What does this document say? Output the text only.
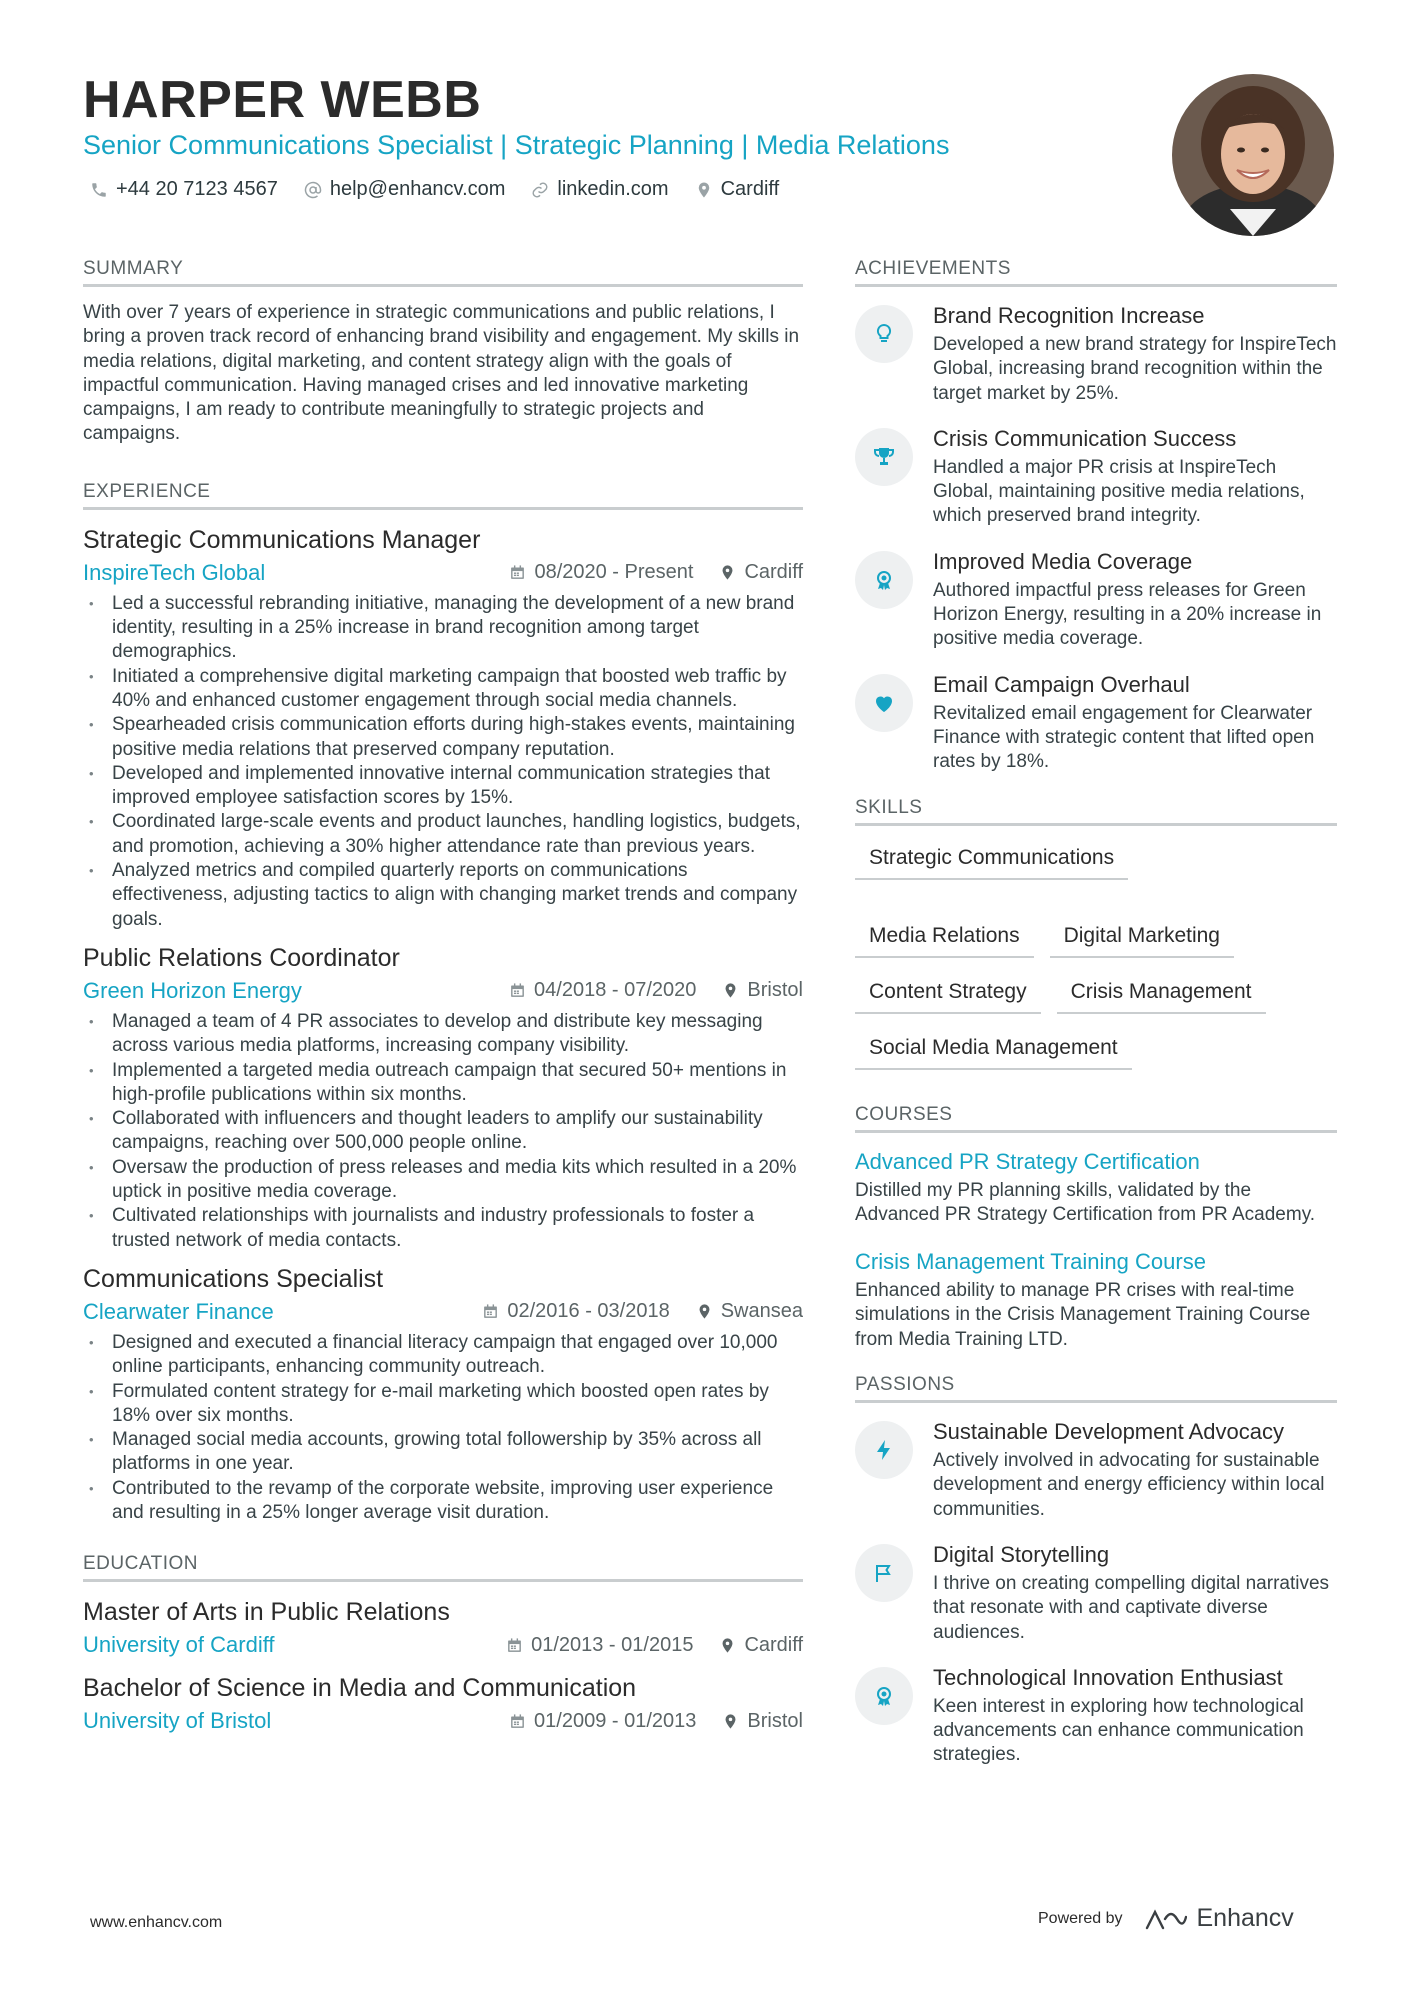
HARPER WEBB
Senior Communications Specialist | Strategic Planning | Media Relations
+44 20 7123 4567	help@enhancv.com	linkedin.com	Cardiff
SUMMARY

With over 7 years of experience in strategic communications and public relations, I bring a proven track record of enhancing brand visibility and engagement. My skills in media relations, digital marketing, and content strategy align with the goals of impactful communication. Having managed crises and led innovative marketing campaigns, I am ready to contribute meaningfully to strategic projects and campaigns.

EXPERIENCE
Strategic Communications Manager
InspireTech Global	08/2020 - Present	Cardiff
• Led a successful rebranding initiative, managing the development of a new brand identity, resulting in a 25% increase in brand recognition among target demographics.
• Initiated a comprehensive digital marketing campaign that boosted web traffic by 40% and enhanced customer engagement through social media channels.
• Spearheaded crisis communication efforts during high-stakes events, maintaining positive media relations that preserved company reputation.
• Developed and implemented innovative internal communication strategies that improved employee satisfaction scores by 15%.
• Coordinated large-scale events and product launches, handling logistics, budgets, and promotion, achieving a 30% higher attendance rate than previous years.
• Analyzed metrics and compiled quarterly reports on communications effectiveness, adjusting tactics to align with changing market trends and company goals.
Public Relations Coordinator
Green Horizon Energy	04/2018 - 07/2020	Bristol
• Managed a team of 4 PR associates to develop and distribute key messaging across various media platforms, increasing company visibility.
• Implemented a targeted media outreach campaign that secured 50+ mentions in high-profile publications within six months.
• Collaborated with influencers and thought leaders to amplify our sustainability campaigns, reaching over 500,000 people online.
• Oversaw the production of press releases and media kits which resulted in a 20% uptick in positive media coverage.
• Cultivated relationships with journalists and industry professionals to foster a trusted network of media contacts.
Communications Specialist
Clearwater Finance	02/2016 - 03/2018	Swansea
• Designed and executed a financial literacy campaign that engaged over 10,000 online participants, enhancing community outreach.
• Formulated content strategy for e-mail marketing which boosted open rates by 18% over six months.
• Managed social media accounts, growing total followership by 35% across all platforms in one year.
• Contributed to the revamp of the corporate website, improving user experience and resulting in a 25% longer average visit duration.
EDUCATION
Master of Arts in Public Relations
University of Cardiff	01/2013 - 01/2015	Cardiff
Bachelor of Science in Media and Communication
University of Bristol	01/2009 - 01/2013	Bristol
ACHIEVEMENTS
Brand Recognition Increase
Developed a new brand strategy for InspireTech Global, increasing brand recognition within the target market by 25%.
Crisis Communication Success
Handled a major PR crisis at InspireTech Global, maintaining positive media relations, which preserved brand integrity.
Improved Media Coverage
Authored impactful press releases for Green Horizon Energy, resulting in a 20% increase in positive media coverage.
Email Campaign Overhaul
Revitalized email engagement for Clearwater Finance with strategic content that lifted open rates by 18%.
SKILLS
Strategic Communications
Media Relations	Digital Marketing
Content Strategy	Crisis Management
Social Media Management
COURSES
Advanced PR Strategy Certification
Distilled my PR planning skills, validated by the Advanced PR Strategy Certification from PR Academy.
Crisis Management Training Course
Enhanced ability to manage PR crises with real-time simulations in the Crisis Management Training Course from Media Training LTD.
PASSIONS
Sustainable Development Advocacy
Actively involved in advocating for sustainable development and energy efficiency within local communities.
Digital Storytelling
I thrive on creating compelling digital narratives that resonate with and captivate diverse audiences.
Technological Innovation Enthusiast
Keen interest in exploring how technological advancements can enhance communication strategies.
www.enhancv.com	Powered by	Enhancv
